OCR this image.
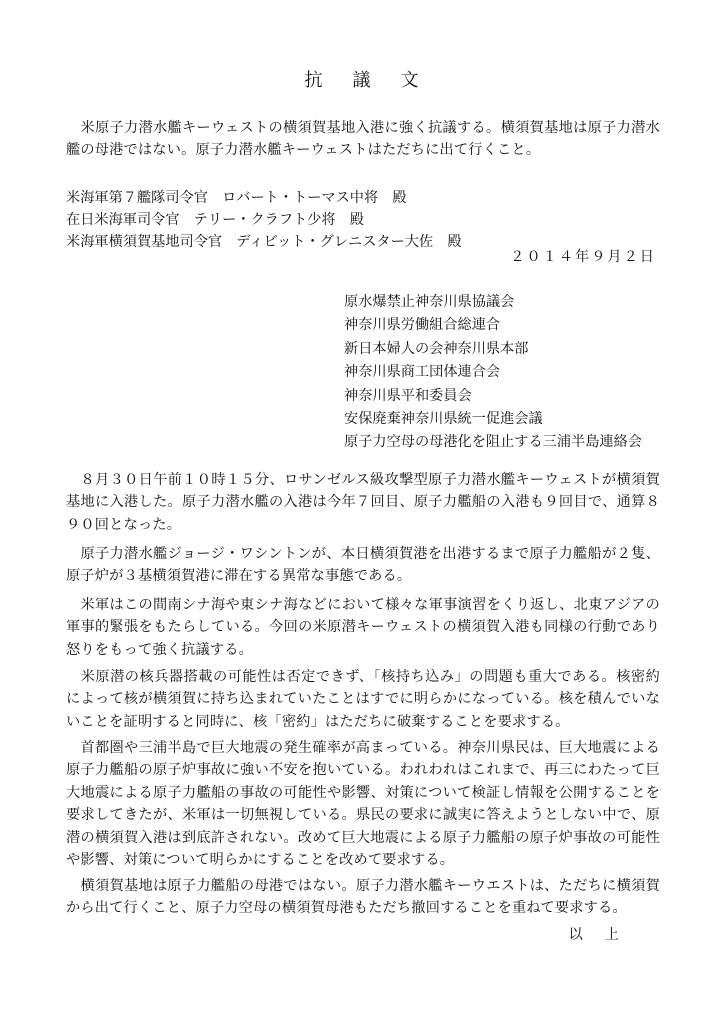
抗議文

　米原子力潜水艦キーウェストの横須賀基地入港に強く抗議する。横須賀基地は原子力潜水艦の母港ではない。原子力潜水艦キーウェストはただちに出て行くこと。

米海軍第７艦隊司令官　ロバート・トーマス中将　殿
在日米海軍司令官　テリー・クラフト少将　殿
米海軍横須賀基地司令官　ディビット・グレニスター大佐　殿
２０１４年９月２日
原水爆禁止神奈川県協議会
神奈川県労働組合総連合
新日本婦人の会神奈川県本部
神奈川県商工団体連合会
神奈川県平和委員会
安保廃棄神奈川県統一促進会議
原子力空母の母港化を阻止する三浦半島連絡会

　８月３０日午前１０時１５分、ロサンゼルス級攻撃型原子力潜水艦キーウェストが横須賀基地に入港した。原子力潜水艦の入港は今年７回目、原子力艦船の入港も９回目で、通算８９０回となった。

　原子力潜水艦ジョージ・ワシントンが、本日横須賀港を出港するまで原子力艦船が２隻、原子炉が３基横須賀港に滞在する異常な事態である。

　米軍はこの間南シナ海や東シナ海などにおいて様々な軍事演習をくり返し、北東アジアの軍事的緊張をもたらしている。今回の米原潜キーウェストの横須賀入港も同様の行動であり怒りをもって強く抗議する。

　米原潜の核兵器搭載の可能性は否定できず、「核持ち込み」の問題も重大である。核密約によって核が横須賀に持ち込まれていたことはすでに明らかになっている。核を積んでいないことを証明すると同時に、核「密約」はただちに破棄することを要求する。

　首都圏や三浦半島で巨大地震の発生確率が高まっている。神奈川県民は、巨大地震による原子力艦船の原子炉事故に強い不安を抱いている。われわれはこれまで、再三にわたって巨大地震による原子力艦船の事故の可能性や影響、対策について検証し情報を公開することを要求してきたが、米軍は一切無視している。県民の要求に誠実に答えようとしない中で、原潜の横須賀入港は到底許されない。改めて巨大地震による原子力艦船の原子炉事故の可能性や影響、対策について明らかにすることを改めて要求する。

　横須賀基地は原子力艦船の母港ではない。原子力潜水艦キーウエストは、ただちに横須賀から出て行くこと、原子力空母の横須賀母港もただち撤回することを重ねて要求する。

以上
